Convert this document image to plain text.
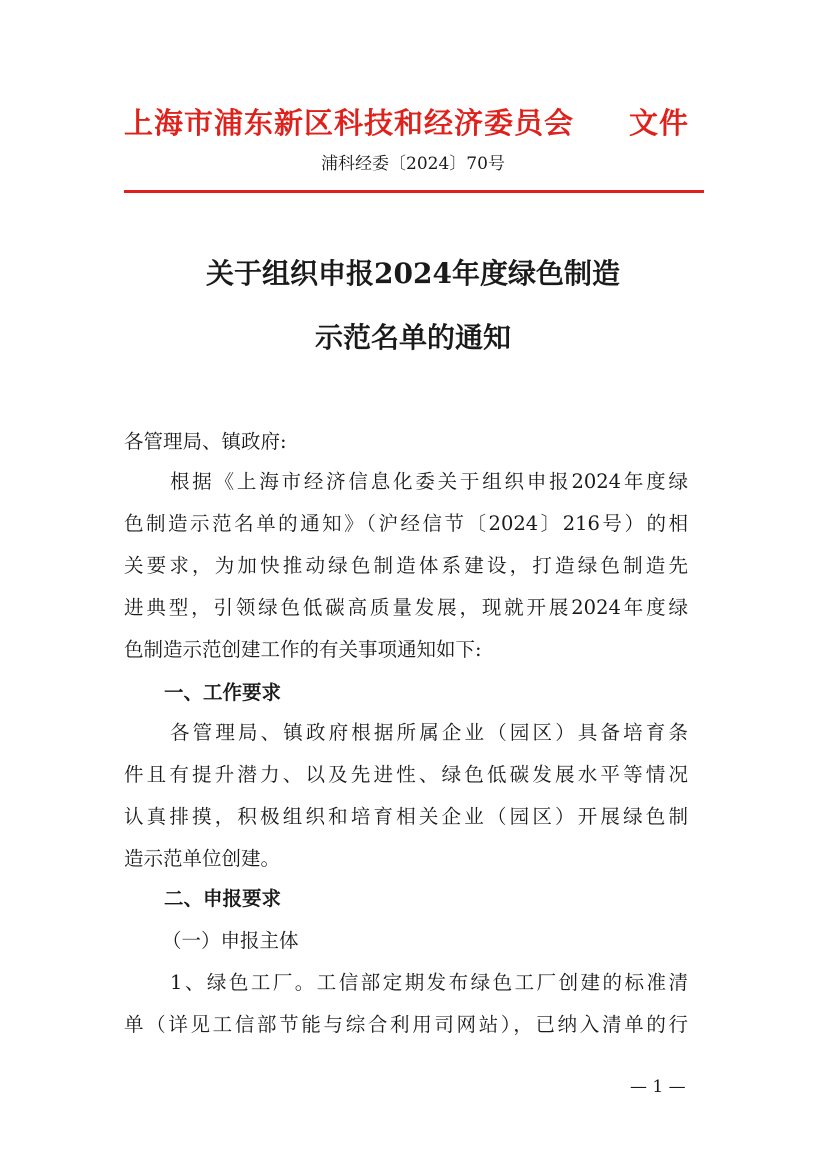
上海市浦东新区科技和经济委员会 文件
浦科经委〔2024〕70号
关于组织申报2024年度绿色制造
示范名单的通知
各管理局、镇政府:
根据《上海市经济信息化委关于组织申报2024年度绿
色制造示范名单的通知》（沪经信节〔2024〕216号）的相
关要求，为加快推动绿色制造体系建设，打造绿色制造先
进典型，引领绿色低碳高质量发展，现就开展2024年度绿
色制造示范创建工作的有关事项通知如下:
一、工作要求
各管理局、镇政府根据所属企业（园区）具备培育条
件且有提升潜力、以及先进性、绿色低碳发展水平等情况
认真排摸，积极组织和培育相关企业（园区）开展绿色制
造示范单位创建。
二、申报要求
（一）申报主体
1、绿色工厂。工信部定期发布绿色工厂创建的标准清
单（详见工信部节能与综合利用司网站），已纳入清单的行
— 1 —
